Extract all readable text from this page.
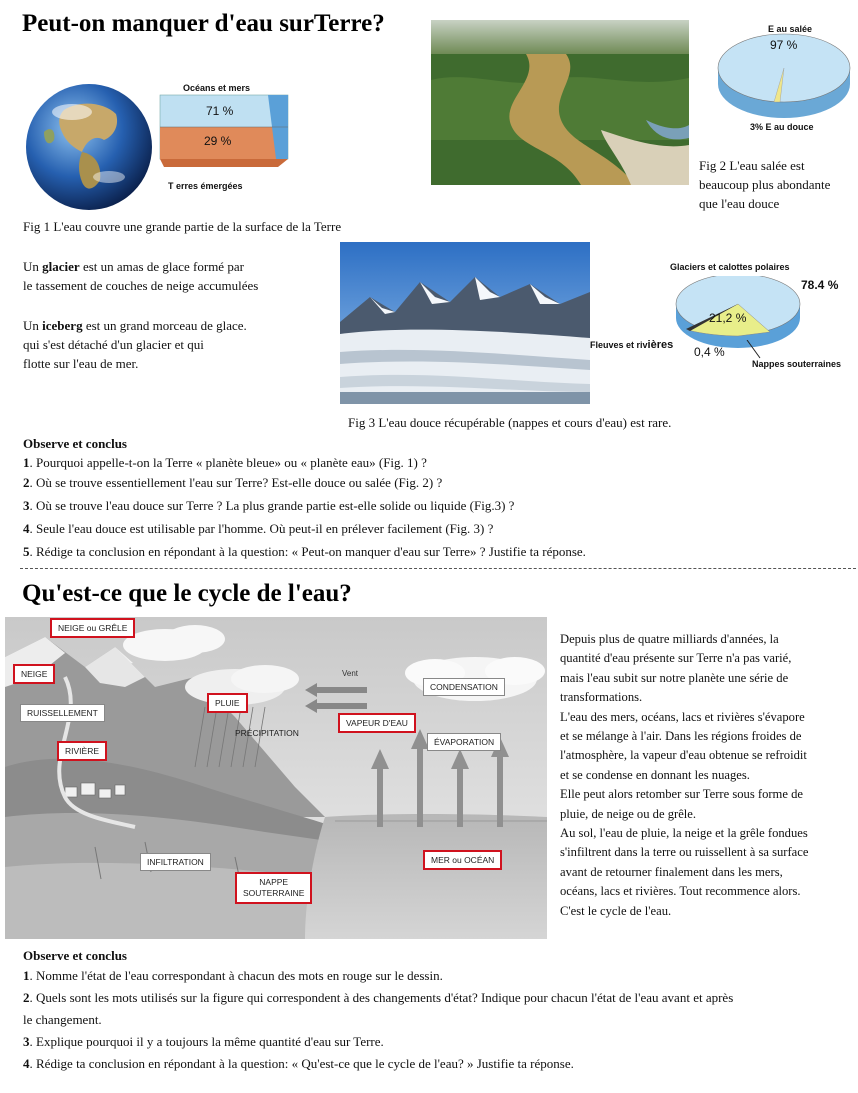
Peut-on manquer d'eau surTerre?
Océans et mers
71 %
29 %
T erres émergées
E au salée
97 %
3% E au douce
Fig 2 L'eau salée est
beaucoup plus abondante
que l'eau douce
Fig 1 L'eau couvre une grande partie de la surface de la Terre
Un glacier est un amas de glace formé par
le tassement de couches de neige accumulées
Un iceberg est un grand morceau de glace.
qui s'est détaché d'un glacier et qui
flotte sur l'eau de mer.
Glaciers et calottes polaires
78.4 %
21,2 %
0,4 %
Fleuves et rivières
Nappes souterraines
Fig 3 L'eau douce récupérable (nappes et cours d'eau) est rare.
Observe et conclus
1. Pourquoi appelle-t-on la Terre « planète bleue» ou « planète eau» (Fig. 1) ?
2. Où se trouve essentiellement l'eau sur Terre? Est-elle douce ou salée (Fig. 2) ?
3. Où se trouve l'eau douce sur Terre ? La plus grande partie est-elle solide ou liquide (Fig.3) ?
4. Seule l'eau douce est utilisable par l'homme. Où peut-il en prélever facilement (Fig. 3) ?
5. Rédige ta conclusion en répondant à la question: « Peut-on manquer d'eau sur Terre» ? Justifie ta réponse.
Qu'est-ce que le cycle de l'eau?
NEIGE ou GRÊLE
NEIGE
RUISSELLEMENT
RIVIÈRE
PLUIE
PRÉCIPITATION
Vent
CONDENSATION
VAPEUR D'EAU
ÉVAPORATION
INFILTRATION
NAPPE
SOUTERRAINE
MER ou OCÉAN
Depuis plus de quatre milliards d'années, la
quantité d'eau présente sur Terre n'a pas varié,
mais l'eau subit sur notre planète une série de
transformations.
L'eau des mers, océans, lacs et rivières s'évapore
et se mélange à l'air. Dans les régions froides de
l'atmosphère, la vapeur d'eau obtenue se refroidit
et se condense en donnant les nuages.
Elle peut alors retomber sur Terre sous forme de
pluie, de neige ou de grêle.
Au sol, l'eau de pluie, la neige et la grêle fondues
s'infiltrent dans la terre ou ruissellent à sa surface
avant de retourner finalement dans les mers,
océans, lacs et rivières. Tout recommence alors.
C'est le cycle de l'eau.
Observe et conclus
1. Nomme l'état de l'eau correspondant à chacun des mots en rouge sur le dessin.
2. Quels sont les mots utilisés sur la figure qui correspondent à des changements d'état? Indique pour chacun l'état de l'eau avant et après
le changement.
3. Explique pourquoi il y a toujours la même quantité d'eau sur Terre.
4. Rédige ta conclusion en répondant à la question: « Qu'est-ce que le cycle de l'eau? » Justifie ta réponse.
